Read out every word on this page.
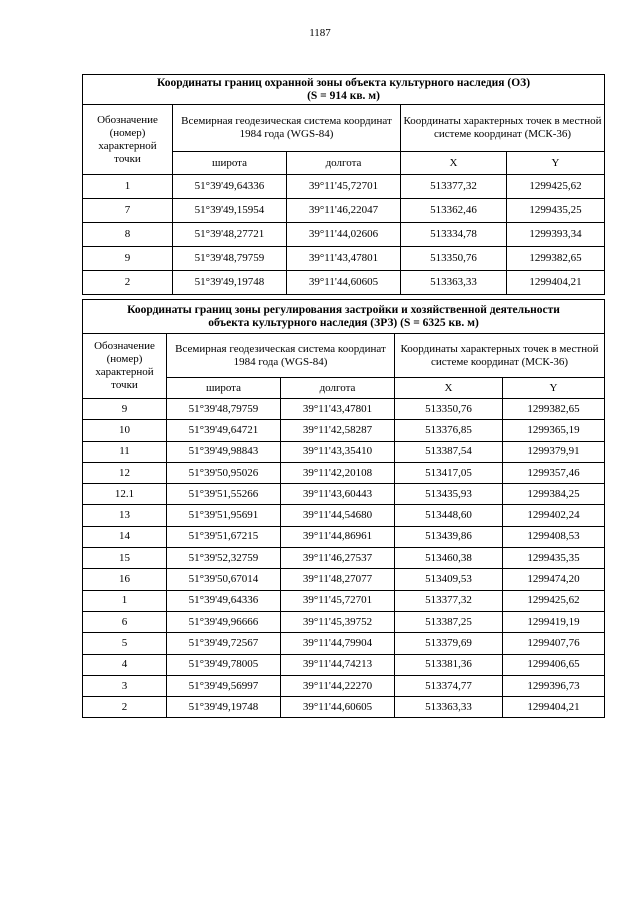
1187
Координаты границ охранной зоны объекта культурного наследия (ОЗ)
(S = 914 кв. м)				
Обозначение (номер) характерной точки	Всемирная геодезическая система координат 1984 года (WGS-84)		Координаты характерных точек в местной системе координат (МСК-36)	
	широта	долгота	X	Y
1	51°39'49,64336	39°11'45,72701	513377,32	1299425,62
7	51°39'49,15954	39°11'46,22047	513362,46	1299435,25
8	51°39'48,27721	39°11'44,02606	513334,78	1299393,34
9	51°39'48,79759	39°11'43,47801	513350,76	1299382,65
2	51°39'49,19748	39°11'44,60605	513363,33	1299404,21
Координаты границ зоны регулирования застройки и хозяйственной деятельности
объекта культурного наследия (ЗРЗ) (S = 6325 кв. м)				
Обозначение (номер) характерной точки	Всемирная геодезическая система координат 1984 года (WGS-84)		Координаты характерных точек в местной системе координат (МСК-36)	
	широта	долгота	X	Y
9	51°39'48,79759	39°11'43,47801	513350,76	1299382,65
10	51°39'49,64721	39°11'42,58287	513376,85	1299365,19
11	51°39'49,98843	39°11'43,35410	513387,54	1299379,91
12	51°39'50,95026	39°11'42,20108	513417,05	1299357,46
12.1	51°39'51,55266	39°11'43,60443	513435,93	1299384,25
13	51°39'51,95691	39°11'44,54680	513448,60	1299402,24
14	51°39'51,67215	39°11'44,86961	513439,86	1299408,53
15	51°39'52,32759	39°11'46,27537	513460,38	1299435,35
16	51°39'50,67014	39°11'48,27077	513409,53	1299474,20
1	51°39'49,64336	39°11'45,72701	513377,32	1299425,62
6	51°39'49,96666	39°11'45,39752	513387,25	1299419,19
5	51°39'49,72567	39°11'44,79904	513379,69	1299407,76
4	51°39'49,78005	39°11'44,74213	513381,36	1299406,65
3	51°39'49,56997	39°11'44,22270	513374,77	1299396,73
2	51°39'49,19748	39°11'44,60605	513363,33	1299404,21
